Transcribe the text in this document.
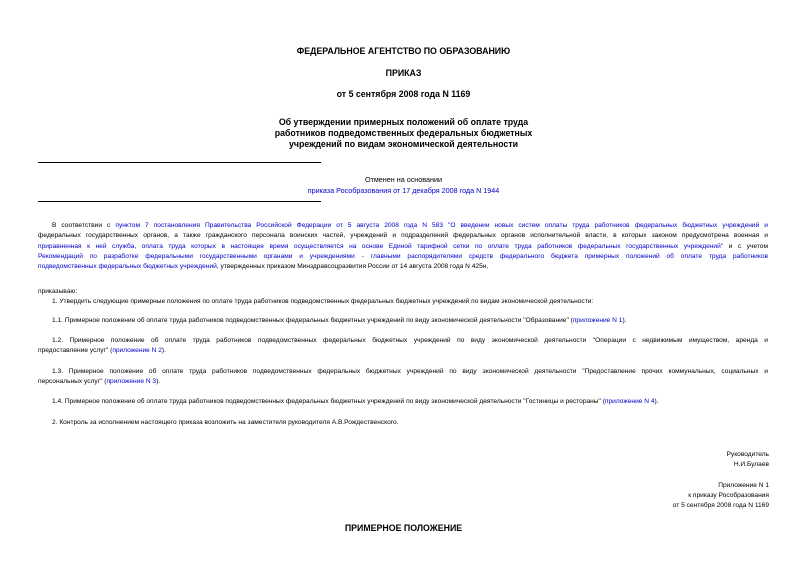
ФЕДЕРАЛЬНОЕ АГЕНТСТВО ПО ОБРАЗОВАНИЮ
ПРИКАЗ
от 5 сентября 2008 года N 1169
Об утверждении примерных положений об оплате труда
работников подведомственных федеральных бюджетных
учреждений по видам экономической деятельности
Отменен на основании
приказа Рособразования от 17 декабря 2008 года N 1944
В соответствии с пунктом 7 постановления Правительства Российской Федерации от 5 августа 2008 года N 583 "О введении новых систем оплаты труда работников федеральных бюджетных учреждений и
федеральных государственных органов, а также гражданского персонала воинских частей, учреждений и подразделений федеральных органов исполнительной власти, в которых законом предусмотрена военная и
приравненная к ней служба, оплата труда которых в настоящее время осуществляется на основе Единой тарифной сетки по оплате труда работников федеральных государственных учреждений" и с учетом
Рекомендаций по разработке федеральными государственными органами и учреждениями - главными распорядителями средств федерального бюджета примерных положений об оплате труда работников
подведомственных федеральных бюджетных учреждений, утвержденных приказом Минздравсоцразвития России от 14 августа 2008 года N 425н,
приказываю:
1. Утвердить следующие примерные положения по оплате труда работников подведомственных федеральных бюджетных учреждений по видам экономической деятельности:
1.1. Примерное положение об оплате труда работников подведомственных федеральных бюджетных учреждений по виду экономической деятельности "Образование" (приложение N 1).
1.2. Примерное положение об оплате труда работников подведомственных федеральных бюджетных учреждений по виду экономической деятельности "Операции с недвижимым имуществом, аренда и
предоставление услуг" (приложение N 2).
1.3. Примерное положение об оплате труда работников подведомственных федеральных бюджетных учреждений по виду экономической деятельности "Предоставление прочих коммунальных, социальных и
персональных услуг" (приложение N 3).
1.4. Примерное положение об оплате труда работников подведомственных федеральных бюджетных учреждений по виду экономической деятельности "Гостиницы и рестораны" (приложение N 4).
2. Контроль за исполнением настоящего приказа возложить на заместителя руководителя А.В.Рождественского.
Руководитель
Н.И.Булаев
Приложение N 1
к приказу Рособразования
от 5 сентября 2008 года N 1169
ПРИМЕРНОЕ ПОЛОЖЕНИЕ
